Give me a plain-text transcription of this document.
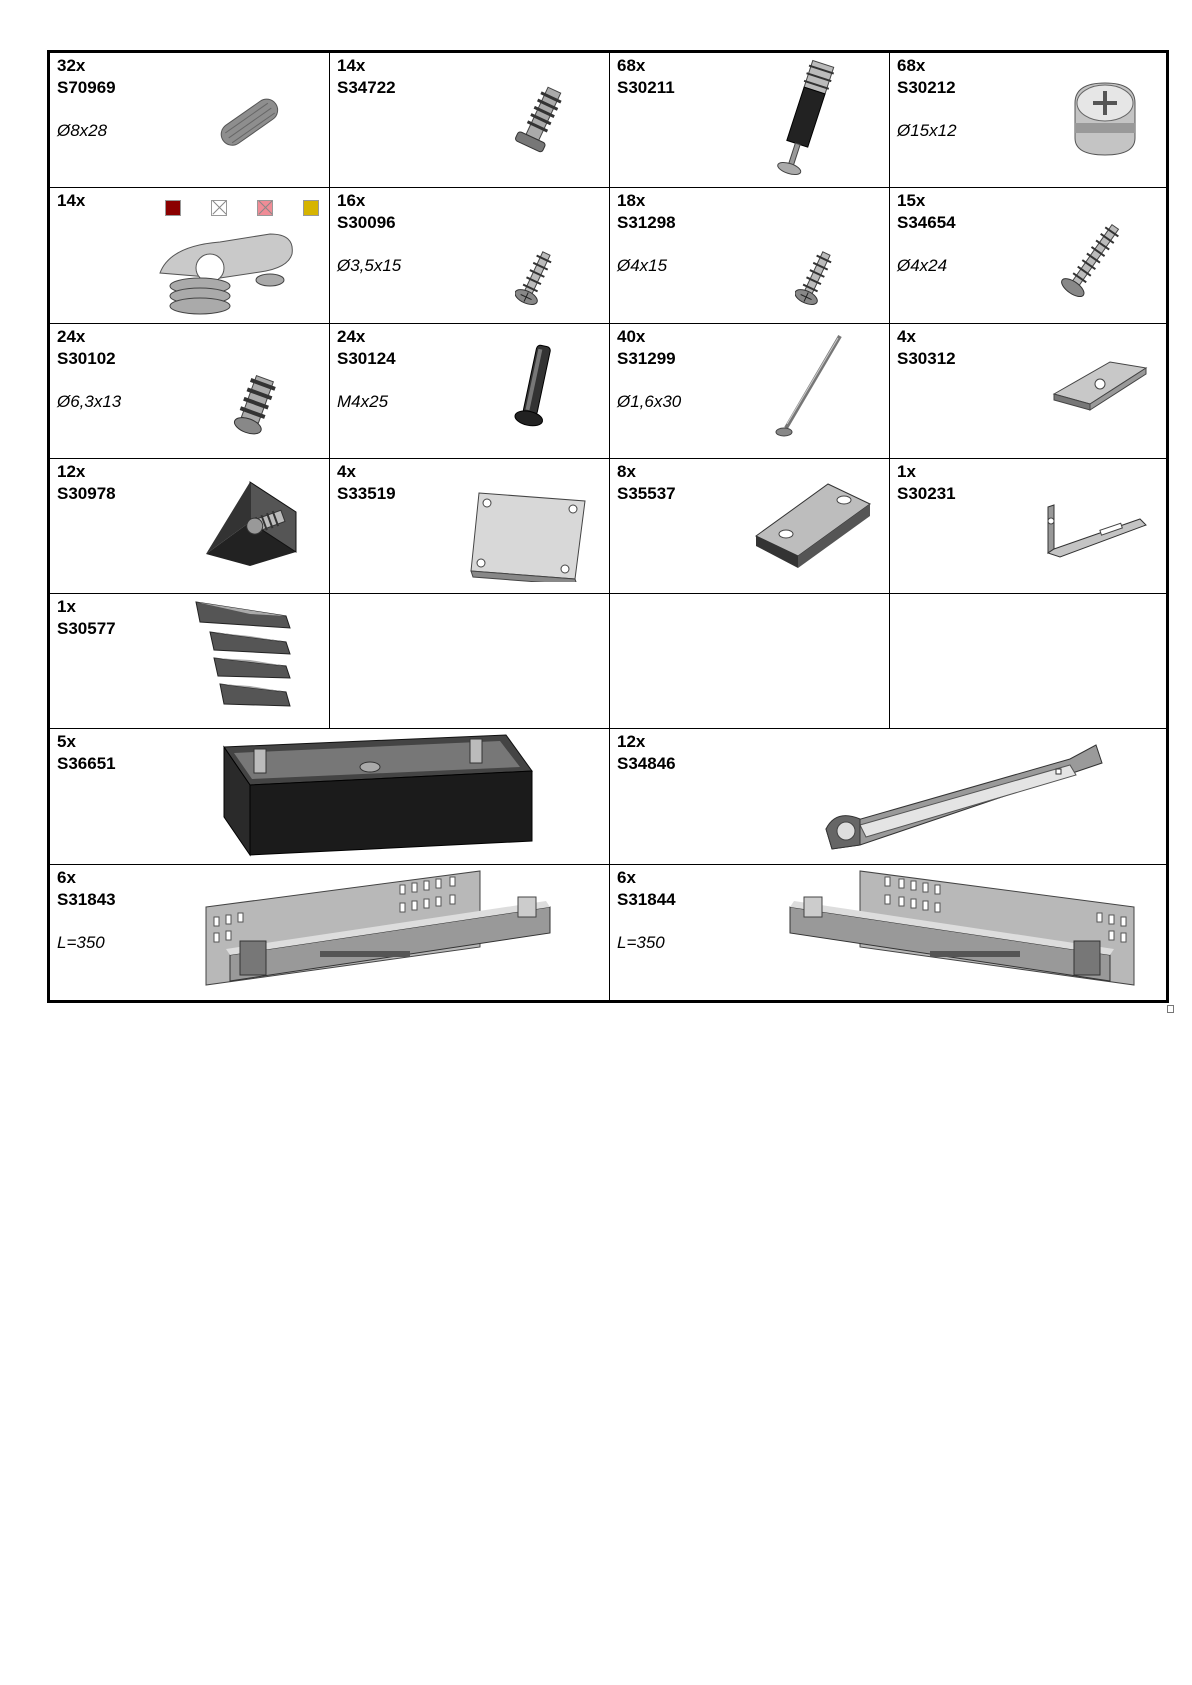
32x
S70969
Ø8x28
14x
S34722
68x
S30211
68x
S30212
Ø15x12
14x	16x
S30096
Ø3,5x15
18x
S31298
Ø4x15
15x
S34654
Ø4x24
24x
S30102
Ø6,3x13
24x
S30124
M4x25
40x
S31299
Ø1,6x30
4x
S30312
12x
S30978
4x
S33519
8x
S35537
1x
S30231
1x
S30577
5x
S36651
12x
S34846
6x
S31843
L=350
6x
S31844
L=350
